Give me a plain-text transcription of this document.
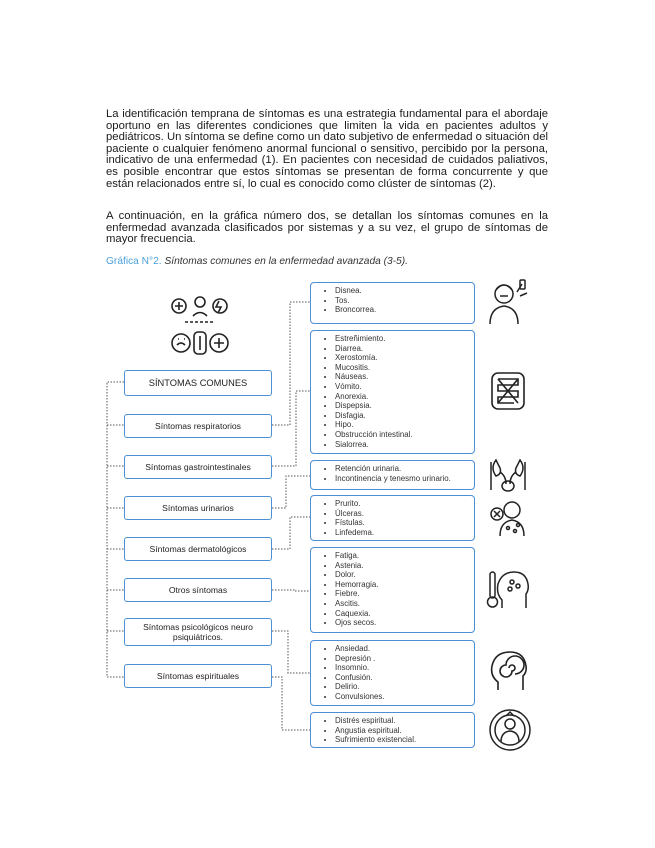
La identificación temprana de síntomas es una estrategia fundamental para el abordaje oportuno en las diferentes condiciones que limiten la vida en pacientes adultos y pediátricos. Un síntoma se define como un dato subjetivo de enfermedad o situación del paciente o cualquier fenómeno anormal funcional o sensitivo, percibido por la persona, indicativo de una enfermedad (1). En pacientes con necesidad de cuidados paliativos, es posible encontrar que estos síntomas se presentan de forma concurrente y que están relacionados entre sí, lo cual es conocido como clúster de síntomas (2).

A continuación, en la gráfica número dos, se detallan los síntomas comunes en la enfermedad avanzada clasificados por sistemas y a su vez, el grupo de síntomas de mayor frecuencia.

Gráfica N°2. Síntomas comunes en la enfermedad avanzada (3-5).
SÍNTOMAS COMUNES
Síntomas respiratorios
Síntomas gastrointestinales
Síntomas urinarios
Síntomas dermatológicos
Otros síntomas
Síntomas psicológicos neuro psiquiátricos.
Síntomas espirituales
• Disnea.
• Tos.
• Broncorrea.
• Estreñimiento.
• Diarrea.
• Xerostomía.
• Mucositis.
• Náuseas.
• Vómito.
• Anorexia.
• Dispepsia.
• Disfagia.
• Hipo.
• Obstrucción intestinal.
• Sialorrea.
• Retención urinaria.
• Incontinencia y tenesmo urinario.
• Prurito.
• Úlceras.
• Fístulas.
• Linfedema.
• Fatiga.
• Astenia.
• Dolor.
• Hemorragia.
• Fiebre.
• Ascitis.
• Caquexia.
• Ojos secos.
• Ansiedad.
• Depresión .
• Insomnio.
• Confusión.
• Delirio.
• Convulsiones.
• Distrés espiritual.
• Angustia espiritual.
• Sufrimiento existencial.
